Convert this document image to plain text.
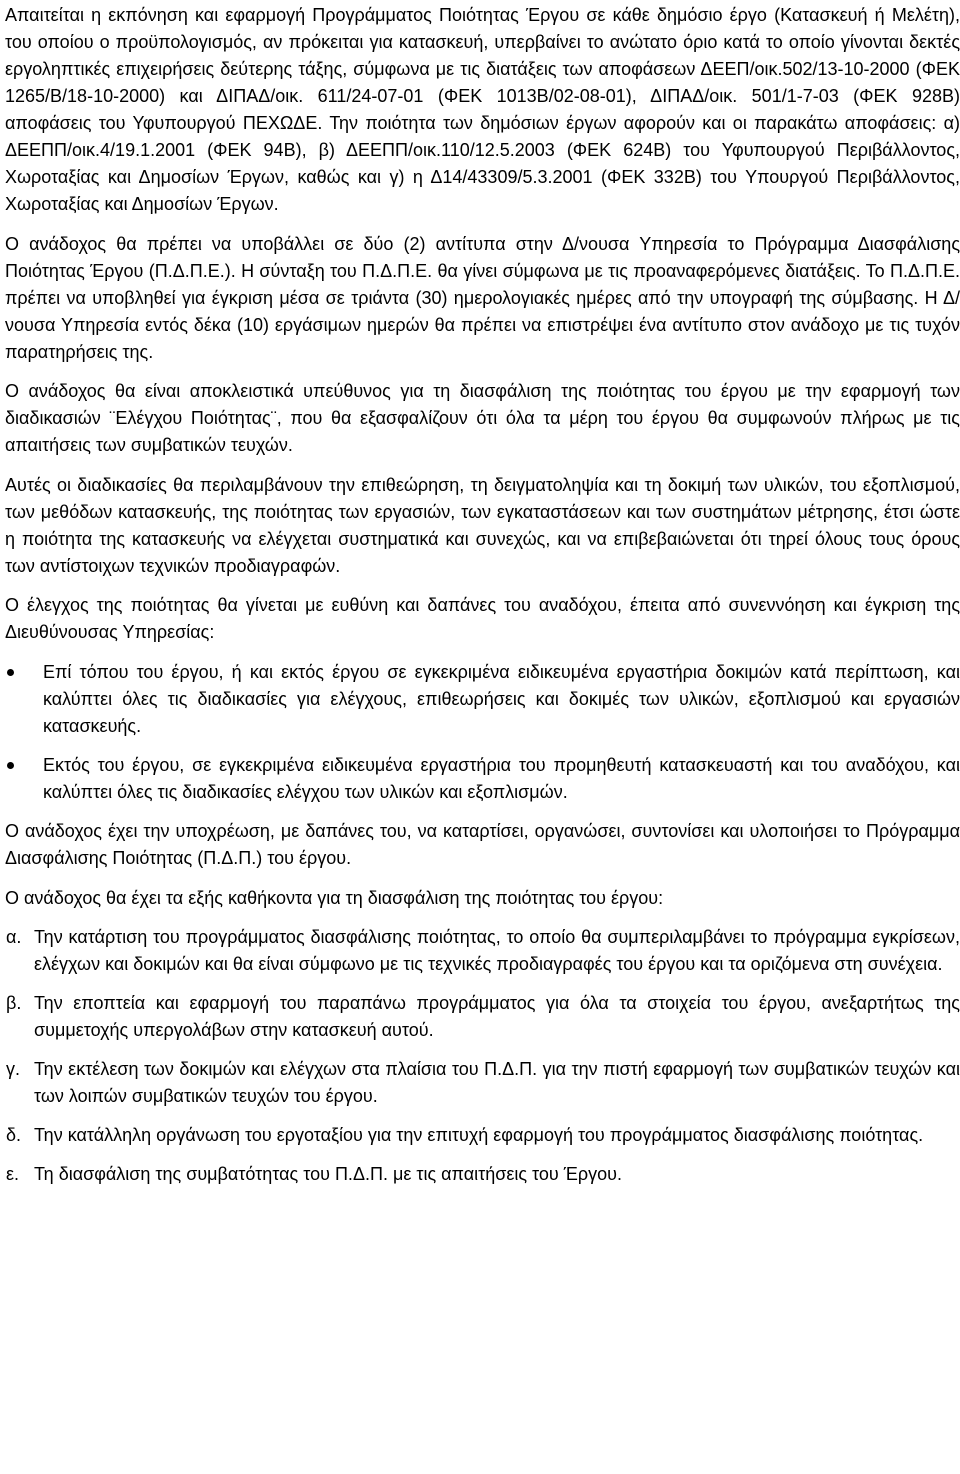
Απαιτείται η εκπόνηση και εφαρμογή Προγράμματος Ποιότητας Έργου σε κάθε δημόσιο έργο (Κατασκευή ή Μελέτη), του οποίου ο προϋπολογισμός, αν πρόκειται για κατασκευή, υπερβαίνει το ανώτατο όριο κατά το οποίο γίνονται δεκτές εργοληπτικές επιχειρήσεις δεύτερης τάξης, σύμφωνα με τις διατάξεις των αποφάσεων ΔΕΕΠ/οικ.502/13-10-2000 (ΦΕΚ 1265/Β/18-10-2000) και ΔΙΠΑΔ/οικ. 611/24-07-01 (ΦΕΚ 1013Β/02-08-01), ΔΙΠΑΔ/οικ. 501/1-7-03 (ΦΕΚ 928Β) αποφάσεις του Υφυπουργού ΠΕΧΩΔΕ. Την ποιότητα των δημόσιων έργων αφορούν και οι παρακάτω αποφάσεις: α) ΔΕΕΠΠ/οικ.4/19.1.2001 (ΦΕΚ 94Β), β) ΔΕΕΠΠ/οικ.110/12.5.2003 (ΦΕΚ 624Β) του Υφυπουργού Περιβάλλοντος, Χωροταξίας και Δημοσίων Έργων, καθώς και γ) η Δ14/43309/5.3.2001 (ΦΕΚ 332Β) του Υπουργού Περιβάλλοντος, Χωροταξίας και Δημοσίων Έργων.

Ο ανάδοχος θα πρέπει να υποβάλλει σε δύο (2) αντίτυπα στην Δ/νουσα Υπηρεσία το Πρόγραμμα Διασφάλισης Ποιότητας Έργου (Π.Δ.Π.Ε.). Η σύνταξη του Π.Δ.Π.Ε. θα γίνει σύμφωνα με τις προαναφερόμενες διατάξεις. Το Π.Δ.Π.Ε. πρέπει να υποβληθεί για έγκριση μέσα σε τριάντα (30) ημερολογιακές ημέρες από την υπογραφή της σύμβασης. Η Δ/νουσα Υπηρεσία εντός δέκα (10) εργάσιμων ημερών θα πρέπει να επιστρέψει ένα αντίτυπο στον ανάδοχο με τις τυχόν παρατηρήσεις της.

Ο ανάδοχος θα είναι αποκλειστικά υπεύθυνος για τη διασφάλιση της ποιότητας του έργου με την εφαρμογή των διαδικασιών ¨Ελέγχου Ποιότητας¨, που θα εξασφαλίζουν ότι όλα τα μέρη του έργου θα συμφωνούν πλήρως με τις απαιτήσεις των συμβατικών τευχών.

Αυτές οι διαδικασίες θα περιλαμβάνουν την επιθεώρηση, τη δειγματοληψία και τη δοκιμή των υλικών, του εξοπλισμού, των μεθόδων κατασκευής, της ποιότητας των εργασιών, των εγκαταστάσεων και των συστημάτων μέτρησης, έτσι ώστε η ποιότητα της κατασκευής να ελέγχεται συστηματικά και συνεχώς, και να επιβεβαιώνεται ότι τηρεί όλους τους όρους των αντίστοιχων τεχνικών προδιαγραφών.

Ο έλεγχος της ποιότητας θα γίνεται με ευθύνη και δαπάνες του αναδόχου, έπειτα από συνεννόηση και έγκριση της Διευθύνουσας Υπηρεσίας:

Επί τόπου του έργου, ή και εκτός έργου σε εγκεκριμένα ειδικευμένα εργαστήρια δοκιμών κατά περίπτωση, και καλύπτει όλες τις διαδικασίες για ελέγχους, επιθεωρήσεις και δοκιμές των υλικών, εξοπλισμού και εργασιών κατασκευής.
Εκτός του έργου, σε εγκεκριμένα ειδικευμένα εργαστήρια του προμηθευτή κατασκευαστή και του αναδόχου, και καλύπτει όλες τις διαδικασίες ελέγχου των υλικών και εξοπλισμών.

Ο ανάδοχος έχει την υποχρέωση, με δαπάνες του, να καταρτίσει, οργανώσει, συντονίσει και υλοποιήσει το Πρόγραμμα Διασφάλισης Ποιότητας (Π.Δ.Π.) του έργου.

Ο ανάδοχος θα έχει τα εξής καθήκοντα για τη διασφάλιση της ποιότητας του έργου:

α. Την κατάρτιση του προγράμματος διασφάλισης ποιότητας, το οποίο θα συμπεριλαμβάνει το πρόγραμμα εγκρίσεων, ελέγχων και δοκιμών και θα είναι σύμφωνο με τις τεχνικές προδιαγραφές του έργου και τα οριζόμενα στη συνέχεια.
β. Την εποπτεία και εφαρμογή του παραπάνω προγράμματος για όλα τα στοιχεία του έργου, ανεξαρτήτως της συμμετοχής υπεργολάβων στην κατασκευή αυτού.
γ. Την εκτέλεση των δοκιμών και ελέγχων στα πλαίσια του Π.Δ.Π. για την πιστή εφαρμογή των συμβατικών τευχών και των λοιπών συμβατικών τευχών του έργου.
δ. Την κατάλληλη οργάνωση του εργοταξίου για την επιτυχή εφαρμογή του προγράμματος διασφάλισης ποιότητας.
ε. Τη διασφάλιση της συμβατότητας του Π.Δ.Π. με τις απαιτήσεις του Έργου.
